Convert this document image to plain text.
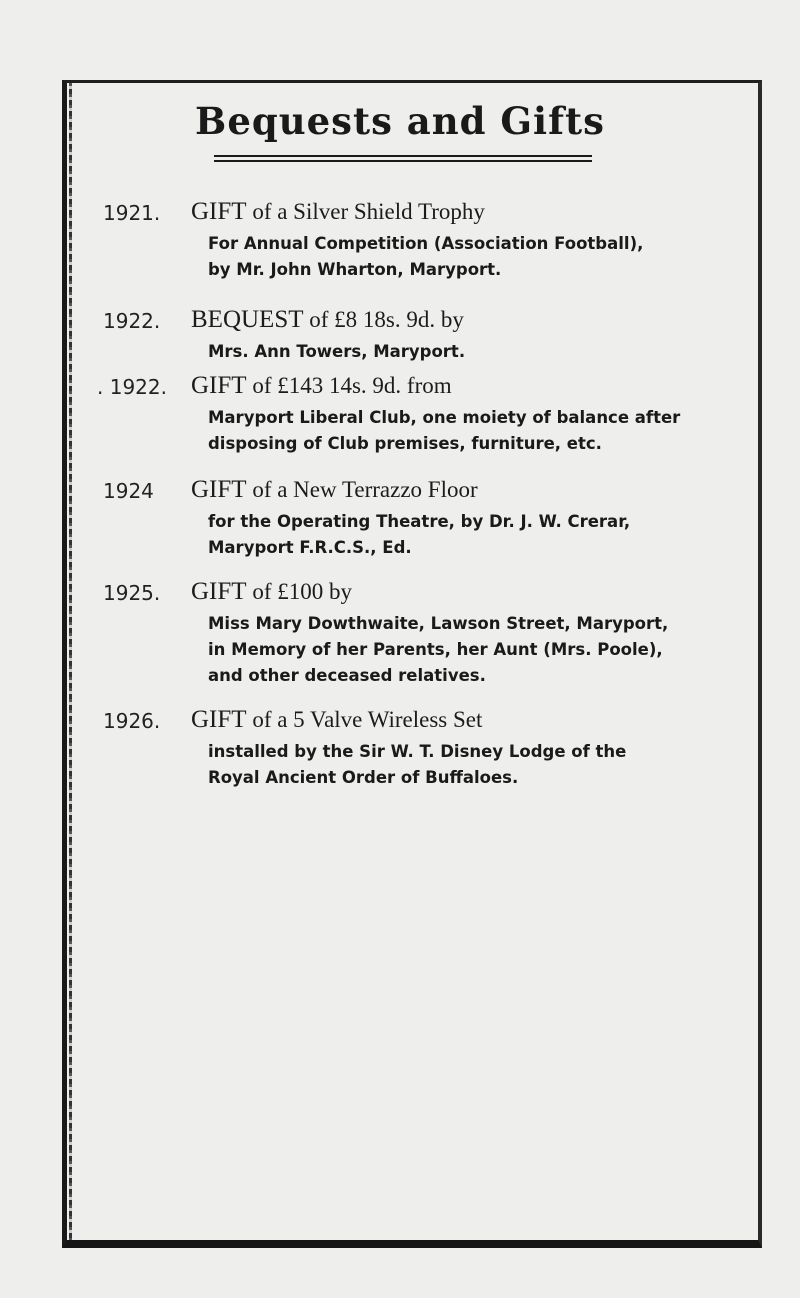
Bequests and Gifts
1921. GIFT of a Silver Shield Trophy
For Annual Competition (Association Football),
by Mr. John Wharton, Maryport.
1922. BEQUEST of £8 18s. 9d. by
Mrs. Ann Towers, Maryport.
. 1922. GIFT of £143 14s. 9d. from
Maryport Liberal Club, one moiety of balance after
disposing of Club premises, furniture, etc.
1924 GIFT of a New Terrazzo Floor
for the Operating Theatre, by Dr. J. W. Crerar,
Maryport F.R.C.S., Ed.
1925. GIFT of £100 by
Miss Mary Dowthwaite, Lawson Street, Maryport,
in Memory of her Parents, her Aunt (Mrs. Poole),
and other deceased relatives.
1926. GIFT of a 5 Valve Wireless Set
installed by the Sir W. T. Disney Lodge of the
Royal Ancient Order of Buffaloes.
